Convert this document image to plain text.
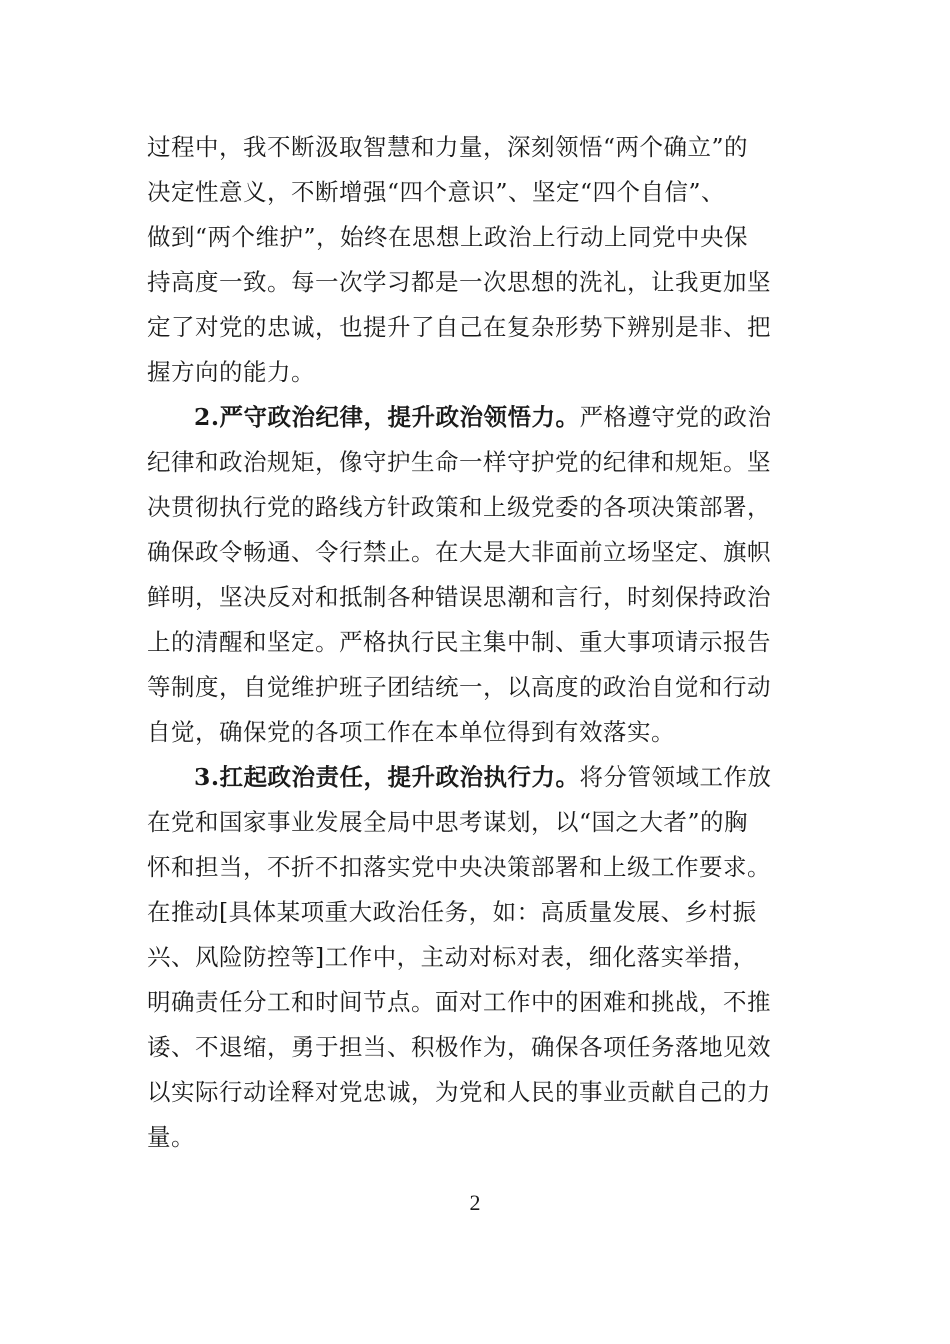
过程中，我不断汲取智慧和力量，深刻领悟“两个确立”的
决定性意义，不断增强“四个意识”、坚定“四个自信”、
做到“两个维护”，始终在思想上政治上行动上同党中央保
持高度一致。每一次学习都是一次思想的洗礼，让我更加坚
定了对党的忠诚，也提升了自己在复杂形势下辨别是非、把
握方向的能力。
2.严守政治纪律，提升政治领悟力。严格遵守党的政治
纪律和政治规矩，像守护生命一样守护党的纪律和规矩。坚
决贯彻执行党的路线方针政策和上级党委的各项决策部署，
确保政令畅通、令行禁止。在大是大非面前立场坚定、旗帜
鲜明，坚决反对和抵制各种错误思潮和言行，时刻保持政治
上的清醒和坚定。严格执行民主集中制、重大事项请示报告
等制度，自觉维护班子团结统一，以高度的政治自觉和行动
自觉，确保党的各项工作在本单位得到有效落实。
3.扛起政治责任，提升政治执行力。将分管领域工作放
在党和国家事业发展全局中思考谋划，以“国之大者”的胸
怀和担当，不折不扣落实党中央决策部署和上级工作要求。
在推动[具体某项重大政治任务，如：高质量发展、乡村振
兴、风险防控等]工作中，主动对标对表，细化落实举措，
明确责任分工和时间节点。面对工作中的困难和挑战，不推
诿、不退缩，勇于担当、积极作为，确保各项任务落地见效
以实际行动诠释对党忠诚，为党和人民的事业贡献自己的力
量。
2
